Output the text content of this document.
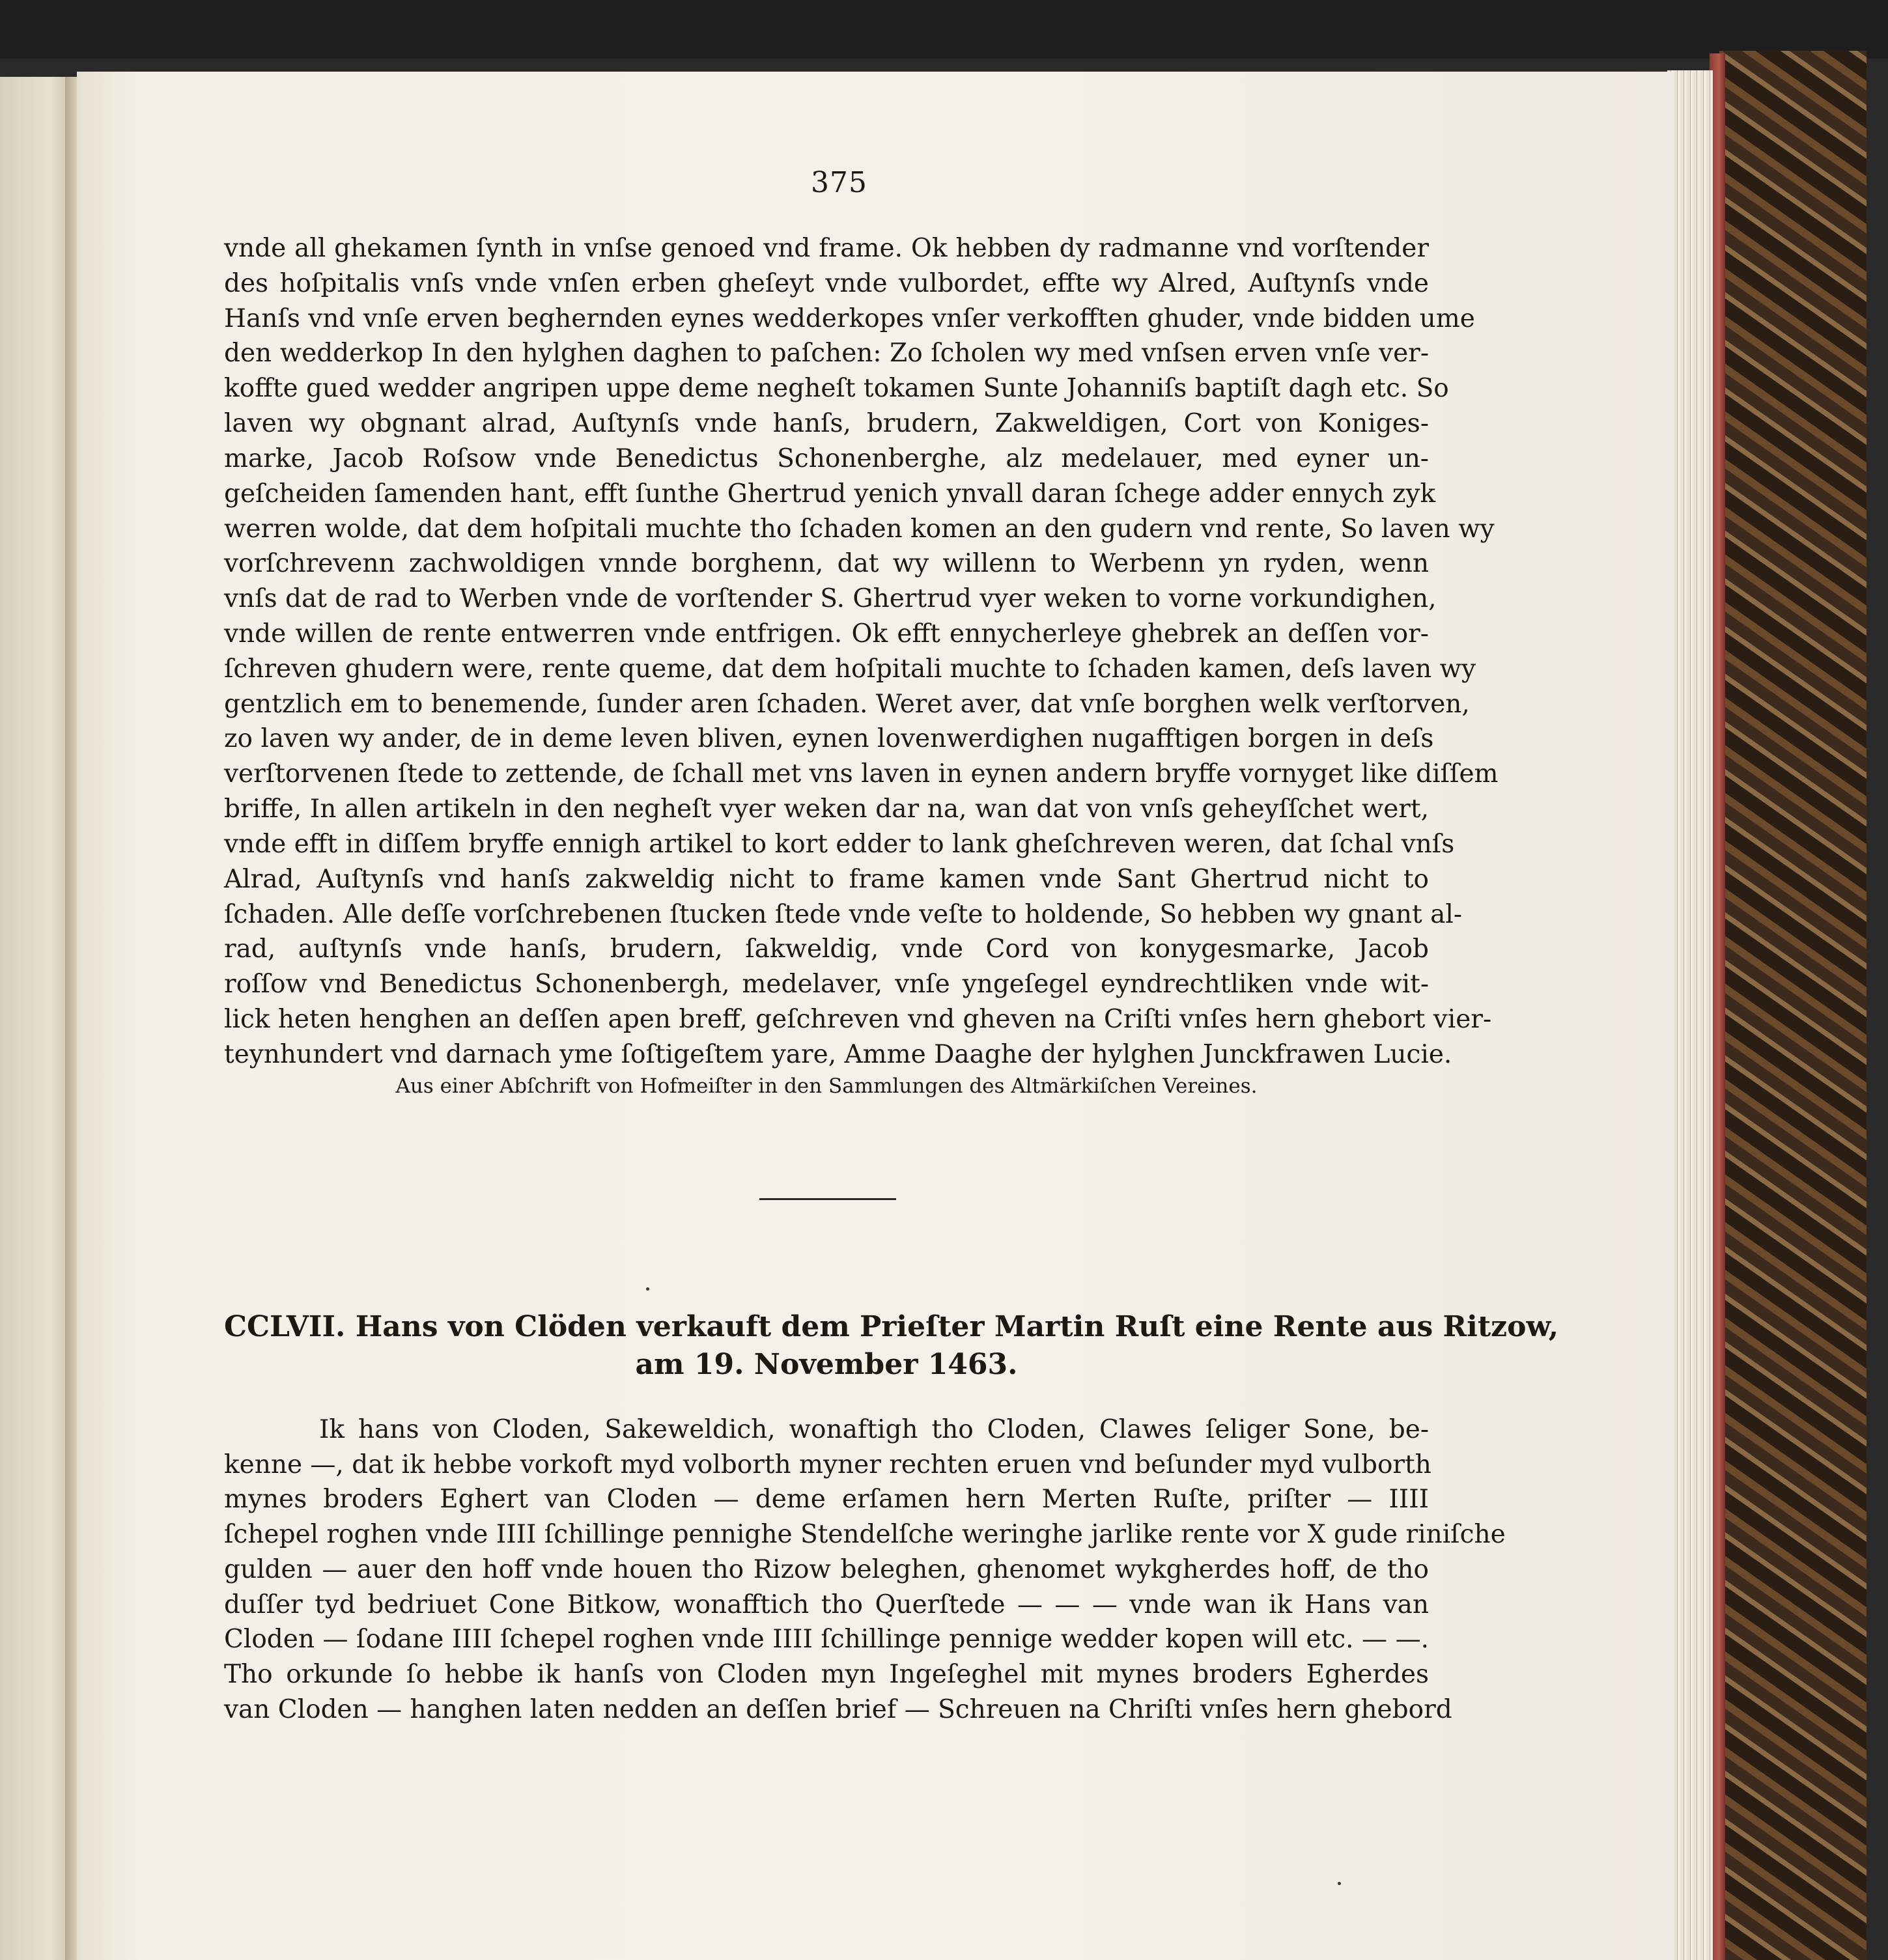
375
vnde all ghekamen ſynth in vnſse genoed vnd frame. Ok hebben dy radmanne vnd vorſtender
des hoſpitalis vnſs vnde vnſen erben gheſeyt vnde vulbordet, effte wy Alred, Auſtynſs vnde
Hanſs vnd vnſe erven beghernden eynes wedderkopes vnſer verkofften ghuder, vnde bidden ume
den wedderkop In den hylghen daghen to paſchen: Zo ſcholen wy med vnſsen erven vnſe ver-
koffte gued wedder angripen uppe deme negheſt tokamen Sunte Johanniſs baptiſt dagh etc. So
laven wy obgnant alrad, Auſtynſs vnde hanſs, brudern, Zakweldigen, Cort von Koniges-
marke, Jacob Roſsow vnde Benedictus Schonenberghe, alz medelauer, med eyner un-
geſcheiden ſamenden hant, efft ſunthe Ghertrud yenich ynvall daran ſchege adder ennych zyk
werren wolde, dat dem hoſpitali muchte tho ſchaden komen an den gudern vnd rente, So laven wy
vorſchrevenn zachwoldigen vnnde borghenn, dat wy willenn to Werbenn yn ryden, wenn
vnſs dat de rad to Werben vnde de vorſtender S. Ghertrud vyer weken to vorne vorkundighen,
vnde willen de rente entwerren vnde entfrigen. Ok efft ennycherleye ghebrek an deſſen vor-
ſchreven ghudern were, rente queme, dat dem hoſpitali muchte to ſchaden kamen, deſs laven wy
gentzlich em to benemende, ſunder aren ſchaden. Weret aver, dat vnſe borghen welk verſtorven,
zo laven wy ander, de in deme leven bliven, eynen lovenwerdighen nugafftigen borgen in deſs
verſtorvenen ſtede to zettende, de ſchall met vns laven in eynen andern bryffe vornyget like diſſem
briffe, In allen artikeln in den negheſt vyer weken dar na, wan dat von vnſs geheyſſchet wert,
vnde efft in diſſem bryffe ennigh artikel to kort edder to lank gheſchreven weren, dat ſchal vnſs
Alrad, Auſtynſs vnd hanſs zakweldig nicht to frame kamen vnde Sant Ghertrud nicht to
ſchaden. Alle deſſe vorſchrebenen ſtucken ſtede vnde veſte to holdende, So hebben wy gnant al-
rad, auſtynſs vnde hanſs, brudern, ſakweldig, vnde Cord von konygesmarke, Jacob
roſſow vnd Benedictus Schonenbergh, medelaver, vnſe yngeſegel eyndrechtliken vnde wit-
lick heten henghen an deſſen apen breff, geſchreven vnd gheven na Criſti vnſes hern ghebort vier-
teynhundert vnd darnach yme ſoſtigeſtem yare, Amme Daaghe der hylghen Junckfrawen Lucie.
Aus einer Abſchrift von Hofmeiſter in den Sammlungen des Altmärkiſchen Vereines.
CCLVII. Hans von Clöden verkauft dem Prieſter Martin Ruſt eine Rente aus Ritzow,
am 19. November 1463.
Ik hans von Cloden, Sakeweldich, wonaftigh tho Cloden, Clawes ſeliger Sone, be-
kenne —, dat ik hebbe vorkoft myd volborth myner rechten eruen vnd beſunder myd vulborth
mynes broders Eghert van Cloden — deme erſamen hern Merten Ruſte, priſter — IIII
ſchepel roghen vnde IIII ſchillinge pennighe Stendelſche weringhe jarlike rente vor X gude riniſche
gulden — auer den hoff vnde houen tho Rizow beleghen, ghenomet wykgherdes hoff, de tho
duſſer tyd bedriuet Cone Bitkow, wonafftich tho Querſtede — — — vnde wan ik Hans van
Cloden — ſodane IIII ſchepel roghen vnde IIII ſchillinge pennige wedder kopen will etc. — —.
Tho orkunde ſo hebbe ik hanſs von Cloden myn Ingeſeghel mit mynes broders Egherdes
van Cloden — hanghen laten nedden an deſſen brief — Schreuen na Chriſti vnſes hern ghebord
